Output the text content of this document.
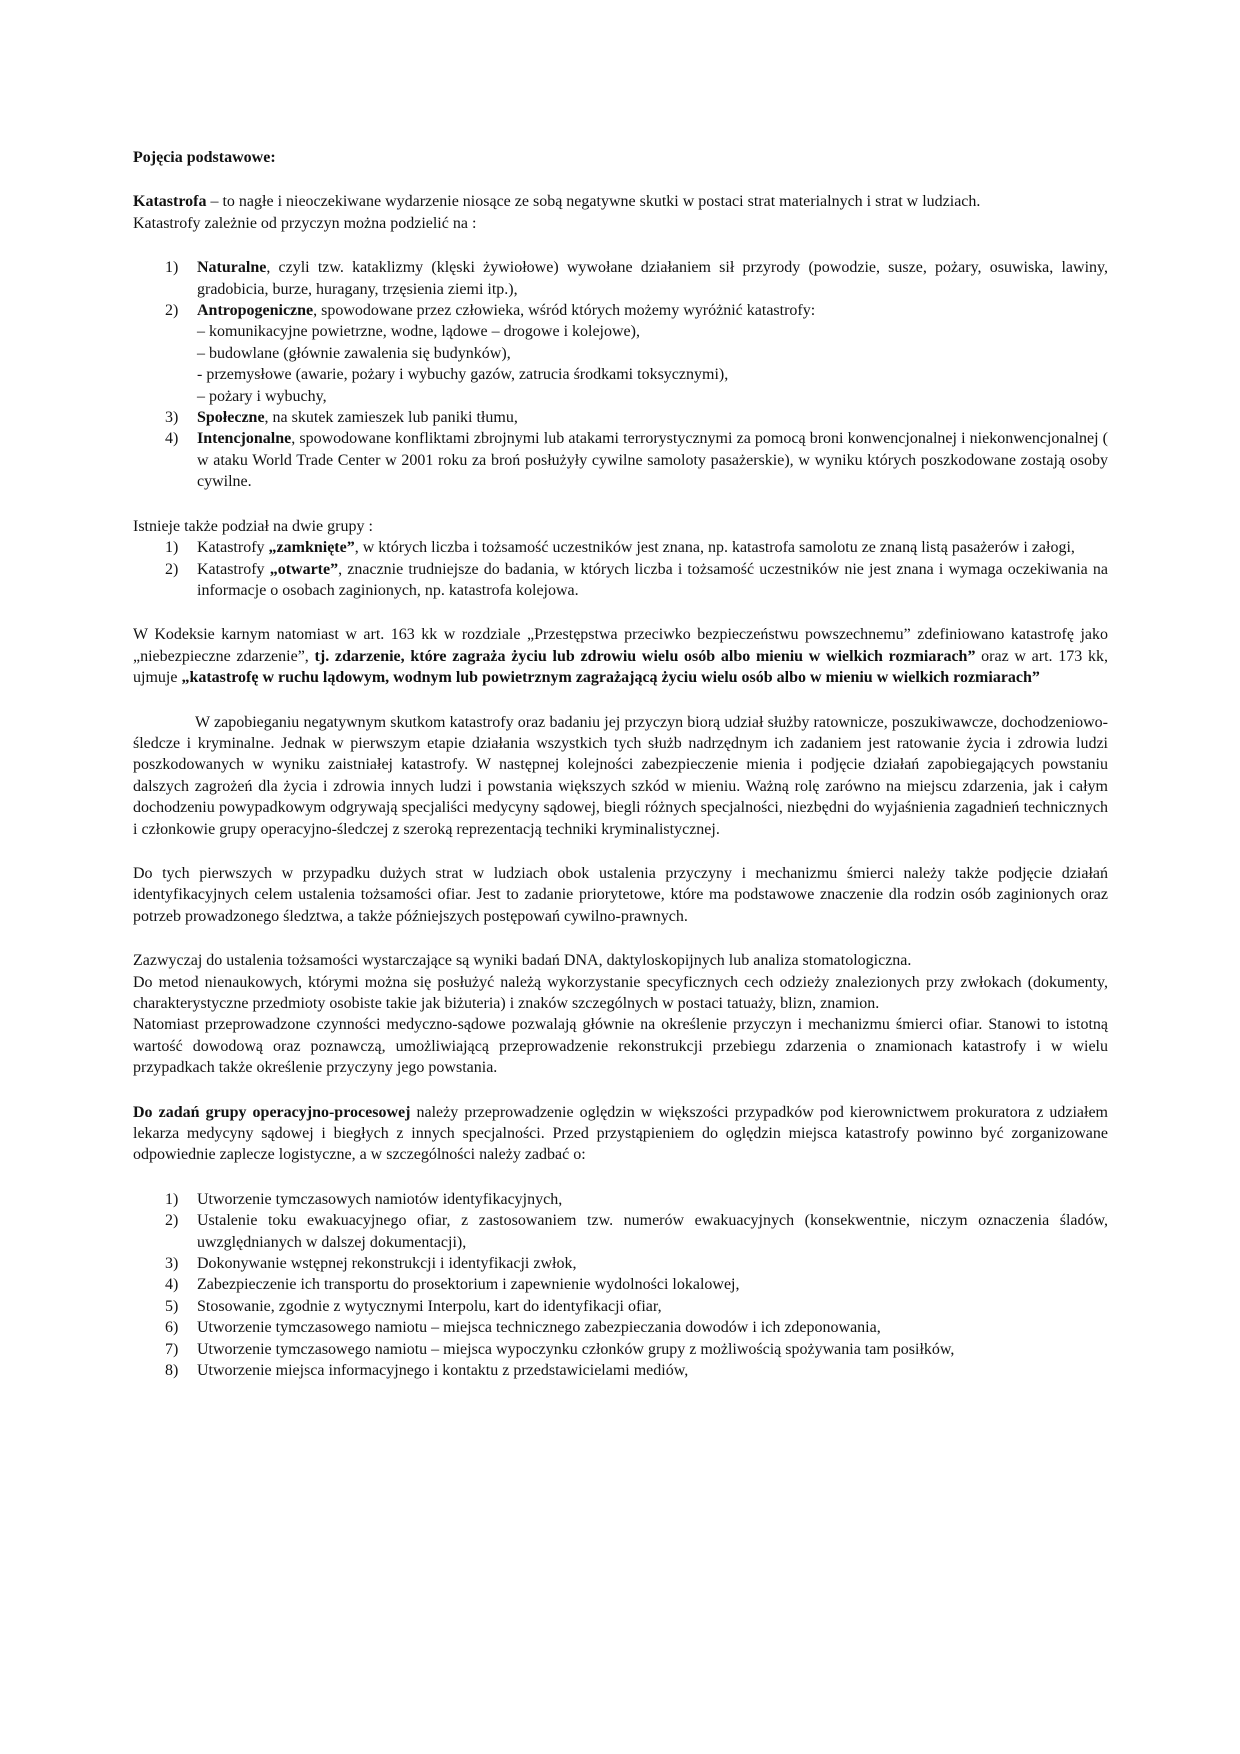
Pojęcia podstawowe:

Katastrofa – to nagłe i nieoczekiwane wydarzenie niosące ze sobą negatywne skutki w postaci strat materialnych i strat w ludziach.

Katastrofy zależnie od przyczyn można podzielić na :

1) Naturalne, czyli tzw. kataklizmy (klęski żywiołowe) wywołane działaniem sił przyrody (powodzie, susze, pożary, osuwiska, lawiny, gradobicia, burze, huragany, trzęsienia ziemi itp.),
2) Antropogeniczne, spowodowane przez człowieka, wśród których możemy wyróżnić katastrofy:
– komunikacyjne powietrzne, wodne, lądowe – drogowe i kolejowe),
– budowlane (głównie zawalenia się budynków),
- przemysłowe (awarie, pożary i wybuchy gazów, zatrucia środkami toksycznymi),
– pożary i wybuchy,
3) Społeczne, na skutek zamieszek lub paniki tłumu,
4) Intencjonalne, spowodowane konfliktami zbrojnymi lub atakami terrorystycznymi za pomocą broni konwencjonalnej i niekonwencjonalnej ( w ataku World Trade Center w 2001 roku za broń posłużyły cywilne samoloty pasażerskie), w wyniku których poszkodowane zostają osoby cywilne.

Istnieje także podział na dwie grupy :

1) Katastrofy „zamknięte”, w których liczba i tożsamość uczestników jest znana, np. katastrofa samolotu ze znaną listą pasażerów i załogi,
2) Katastrofy „otwarte”, znacznie trudniejsze do badania, w których liczba i tożsamość uczestników nie jest znana i wymaga oczekiwania na informacje o osobach zaginionych, np. katastrofa kolejowa.

W Kodeksie karnym natomiast w art. 163 kk w rozdziale „Przestępstwa przeciwko bezpieczeństwu powszechnemu” zdefiniowano katastrofę jako „niebezpieczne zdarzenie”, tj. zdarzenie, które zagraża życiu lub zdrowiu wielu osób albo mieniu w wielkich rozmiarach” oraz w art. 173 kk, ujmuje „katastrofę w ruchu lądowym, wodnym lub powietrznym zagrażającą życiu wielu osób albo w mieniu w wielkich rozmiarach”

W zapobieganiu negatywnym skutkom katastrofy oraz badaniu jej przyczyn biorą udział służby ratownicze, poszukiwawcze, dochodzeniowo-śledcze i kryminalne. Jednak w pierwszym etapie działania wszystkich tych służb nadrzędnym ich zadaniem jest ratowanie życia i zdrowia ludzi poszkodowanych w wyniku zaistniałej katastrofy. W następnej kolejności zabezpieczenie mienia i podjęcie działań zapobiegających powstaniu dalszych zagrożeń dla życia i zdrowia innych ludzi i powstania większych szkód w mieniu. Ważną rolę zarówno na miejscu zdarzenia, jak i całym dochodzeniu powypadkowym odgrywają specjaliści medycyny sądowej, biegli różnych specjalności, niezbędni do wyjaśnienia zagadnień technicznych i członkowie grupy operacyjno-śledczej z szeroką reprezentacją techniki kryminalistycznej.

Do tych pierwszych w przypadku dużych strat w ludziach obok ustalenia przyczyny i mechanizmu śmierci należy także podjęcie działań identyfikacyjnych celem ustalenia tożsamości ofiar. Jest to zadanie priorytetowe, które ma podstawowe znaczenie dla rodzin osób zaginionych oraz potrzeb prowadzonego śledztwa, a także późniejszych postępowań cywilno-prawnych.

Zazwyczaj do ustalenia tożsamości wystarczające są wyniki badań DNA, daktyloskopijnych lub analiza stomatologiczna.
Do metod nienaukowych, którymi można się posłużyć należą wykorzystanie specyficznych cech odzieży znalezionych przy zwłokach (dokumenty, charakterystyczne przedmioty osobiste takie jak biżuteria) i znaków szczególnych w postaci tatuaży, blizn, znamion.
Natomiast przeprowadzone czynności medyczno-sądowe pozwalają głównie na określenie przyczyn i mechanizmu śmierci ofiar. Stanowi to istotną wartość dowodową oraz poznawczą, umożliwiającą przeprowadzenie rekonstrukcji przebiegu zdarzenia o znamionach katastrofy i w wielu przypadkach także określenie przyczyny jego powstania.

Do zadań grupy operacyjno-procesowej należy przeprowadzenie oględzin w większości przypadków pod kierownictwem prokuratora z udziałem lekarza medycyny sądowej i biegłych z innych specjalności. Przed przystąpieniem do oględzin miejsca katastrofy powinno być zorganizowane odpowiednie zaplecze logistyczne, a w szczególności należy zadbać o:

1) Utworzenie tymczasowych namiotów identyfikacyjnych,
2) Ustalenie toku ewakuacyjnego ofiar, z zastosowaniem tzw. numerów ewakuacyjnych (konsekwentnie, niczym oznaczenia śladów, uwzględnianych w dalszej dokumentacji),
3) Dokonywanie wstępnej rekonstrukcji i identyfikacji zwłok,
4) Zabezpieczenie ich transportu do prosektorium i zapewnienie wydolności lokalowej,
5) Stosowanie, zgodnie z wytycznymi Interpolu, kart do identyfikacji ofiar,
6) Utworzenie tymczasowego namiotu – miejsca technicznego zabezpieczania dowodów i ich zdeponowania,
7) Utworzenie tymczasowego namiotu – miejsca wypoczynku członków grupy z możliwością spożywania tam posiłków,
8) Utworzenie miejsca informacyjnego i kontaktu z przedstawicielami mediów,
